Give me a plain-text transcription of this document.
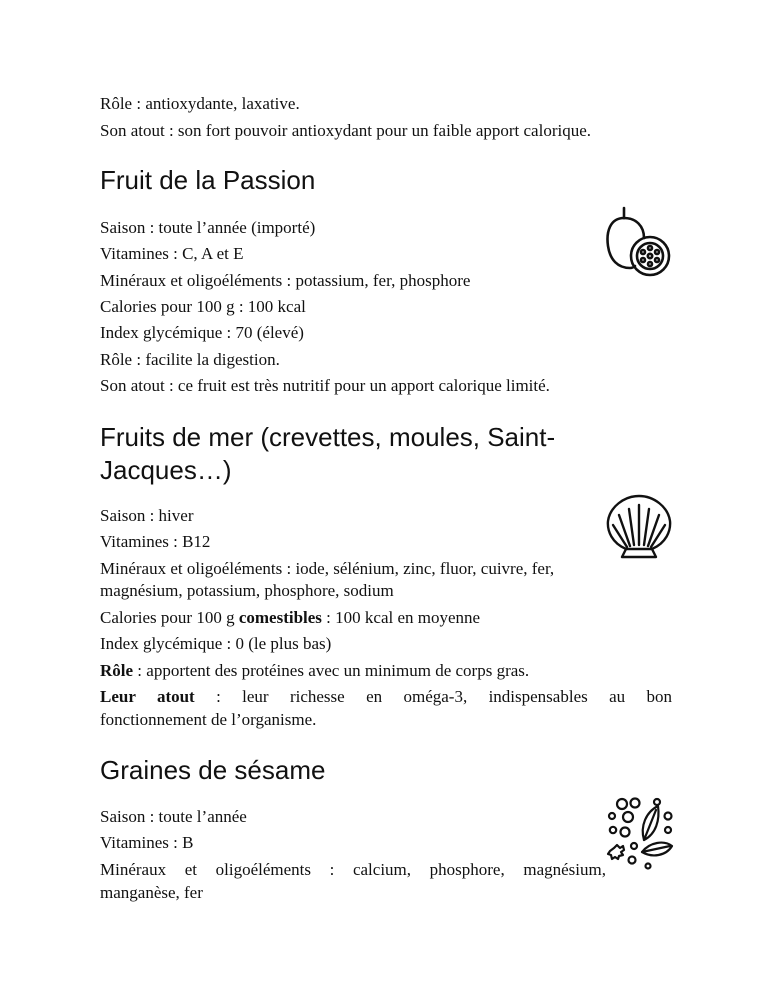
Rôle : antioxydante, laxative.
Son atout : son fort pouvoir antioxydant pour un faible apport calorique.
Fruit de la Passion
Saison : toute l’année (importé)
Vitamines : C, A et E
Minéraux et oligoéléments : potassium, fer, phosphore
Calories pour 100 g : 100 kcal
Index glycémique : 70 (élevé)
Rôle : facilite la digestion.
Son atout : ce fruit est très nutritif pour un apport calorique limité.
Fruits de mer (crevettes, moules, Saint-
Jacques…)
Saison : hiver
Vitamines : B12
Minéraux et oligoéléments : iode, sélénium, zinc, fluor, cuivre, fer,
magnésium, potassium, phosphore, sodium
Calories pour 100 g comestibles : 100 kcal en moyenne
Index glycémique : 0 (le plus bas)
Rôle : apportent des protéines avec un minimum de corps gras.
Leur atout : leur richesse en oméga-3, indispensables au bon
fonctionnement de l’organisme.
Graines de sésame
Saison : toute l’année
Vitamines : B
Minéraux et oligoéléments : calcium, phosphore, magnésium,
manganèse, fer
